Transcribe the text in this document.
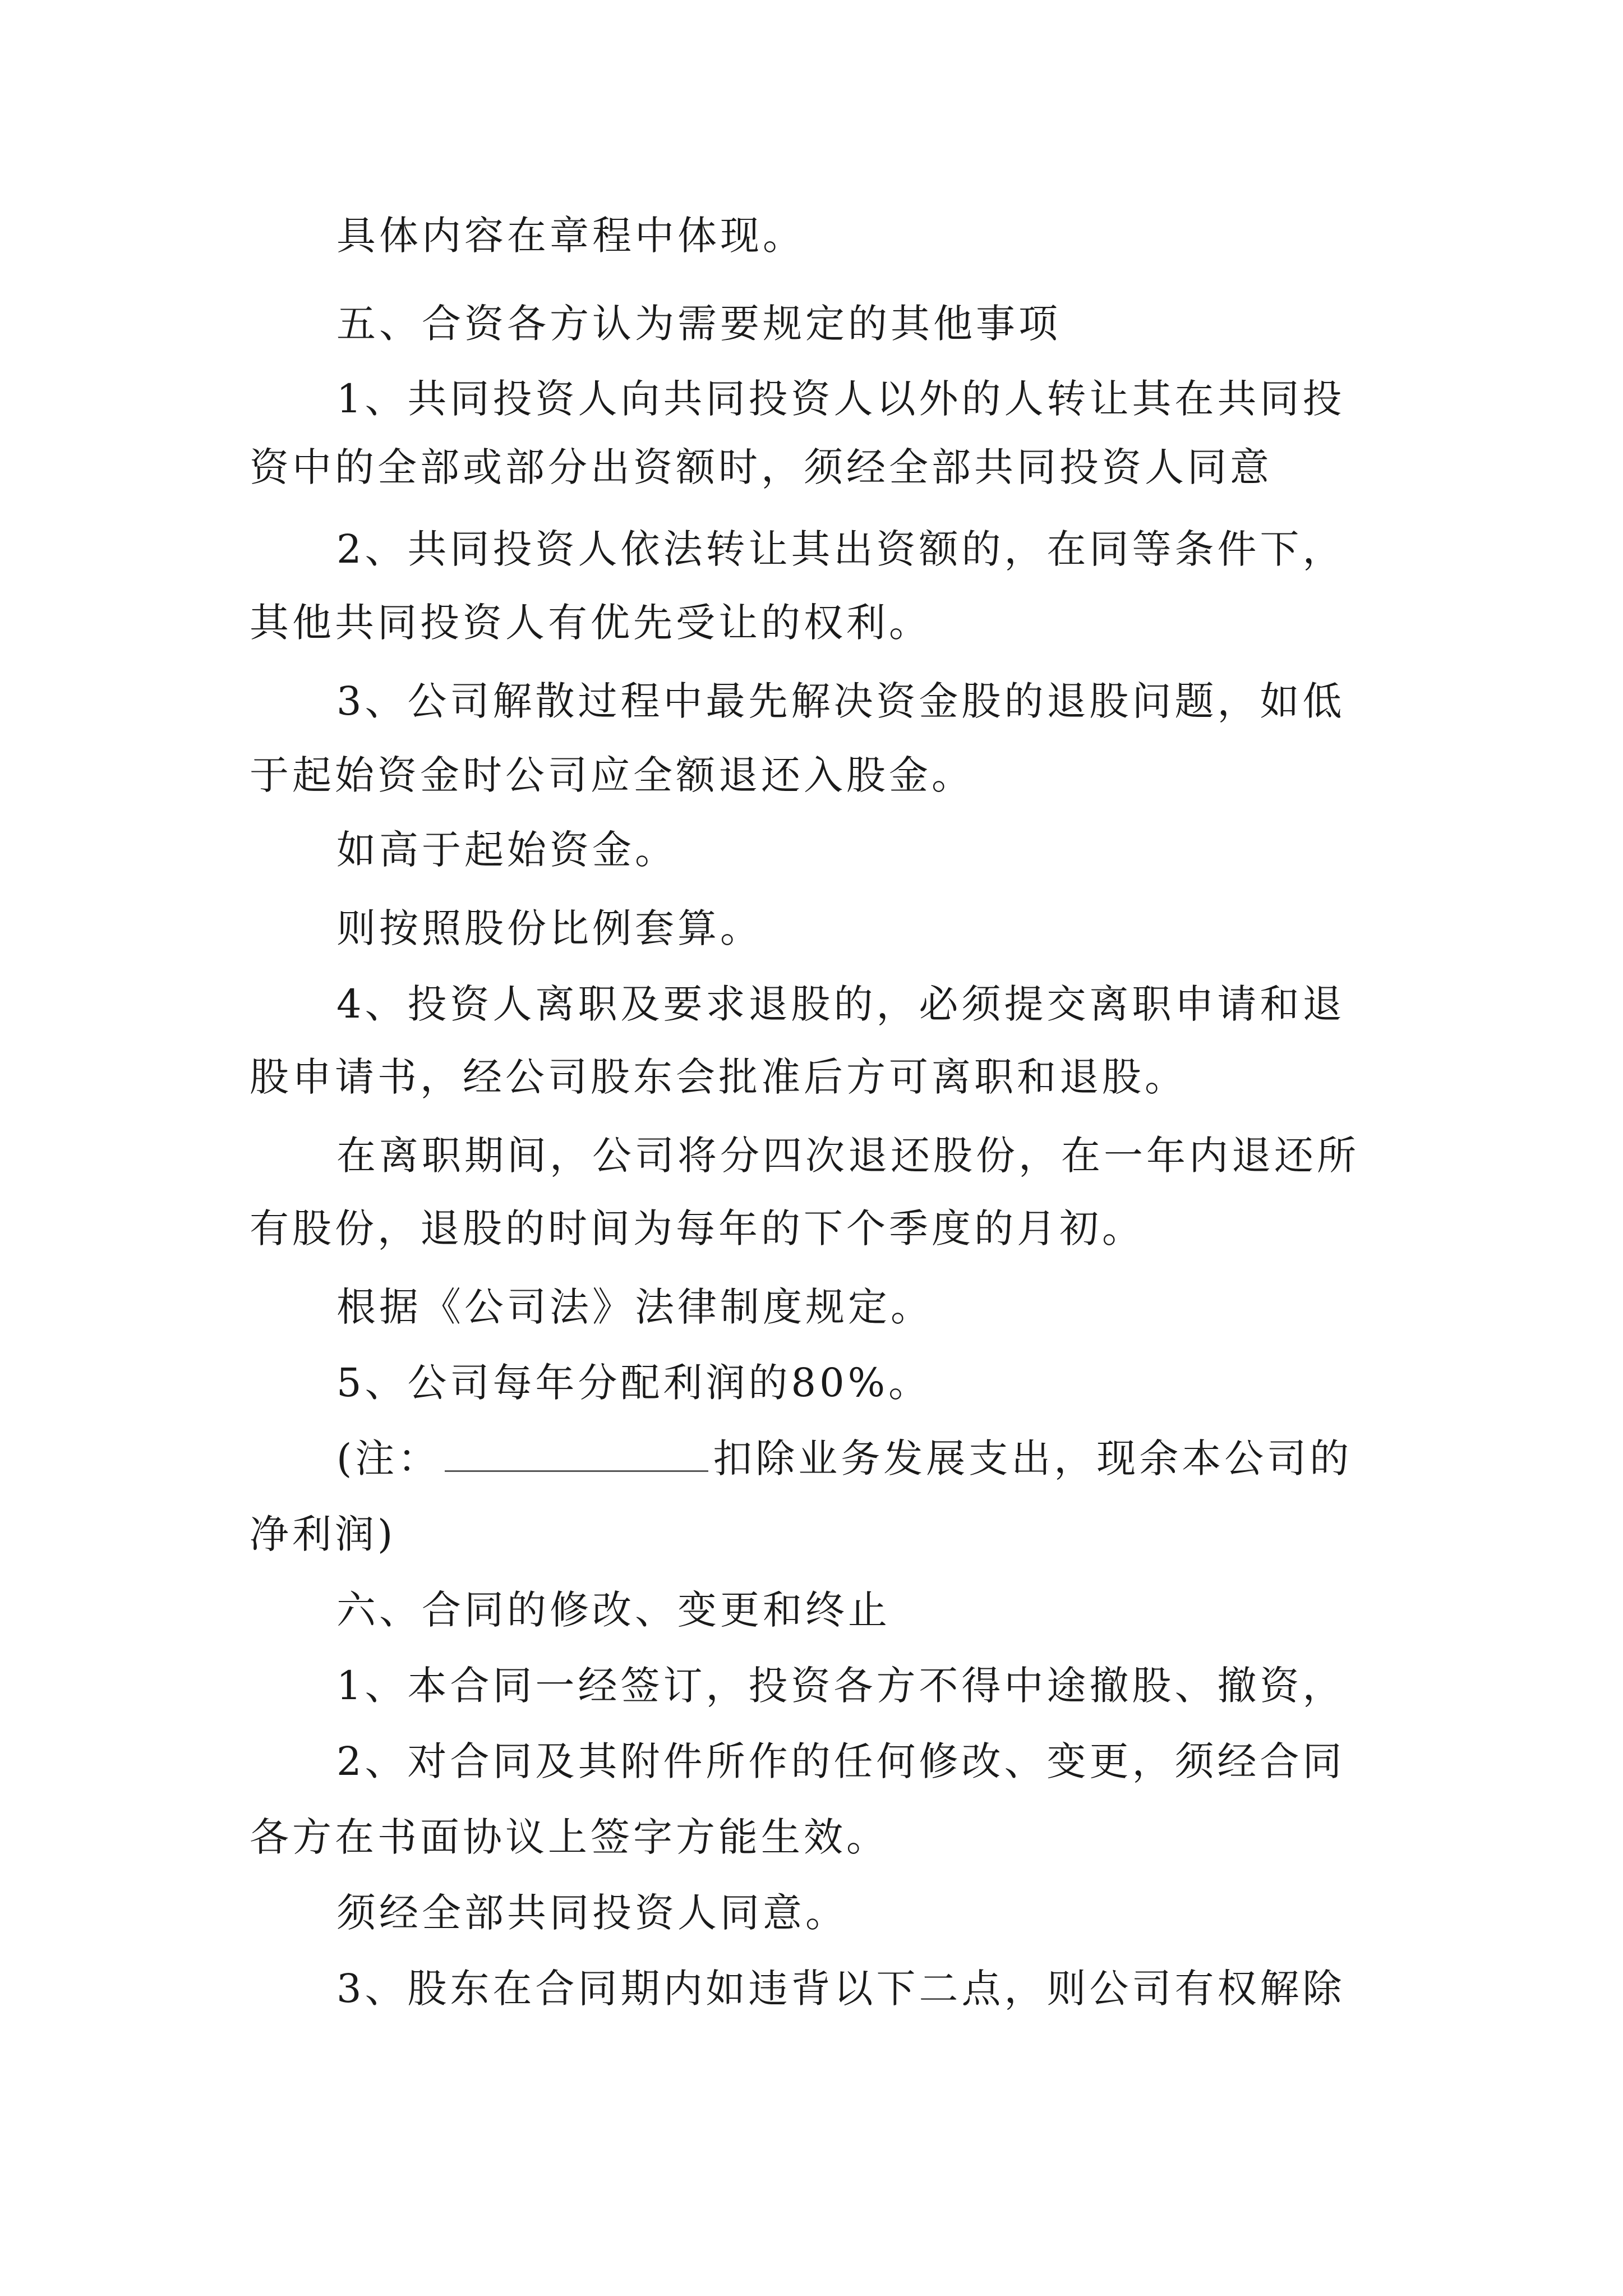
具体内容在章程中体现。
五、合资各方认为需要规定的其他事项
1、共同投资人向共同投资人以外的人转让其在共同投
资中的全部或部分出资额时，须经全部共同投资人同意
2、共同投资人依法转让其出资额的，在同等条件下，
其他共同投资人有优先受让的权利。
3、公司解散过程中最先解决资金股的退股问题，如低
于起始资金时公司应全额退还入股金。
如高于起始资金。
则按照股份比例套算。
4、投资人离职及要求退股的，必须提交离职申请和退
股申请书，经公司股东会批准后方可离职和退股。
在离职期间，公司将分四次退还股份，在一年内退还所
有股份，退股的时间为每年的下个季度的月初。
根据《公司法》法律制度规定。
5、公司每年分配利润的80%。
(注：	扣除业务发展支出，现余本公司的
净利润)
六、合同的修改、变更和终止
1、本合同一经签订，投资各方不得中途撤股、撤资，
2、对合同及其附件所作的任何修改、变更，须经合同
各方在书面协议上签字方能生效。
须经全部共同投资人同意。
3、股东在合同期内如违背以下二点，则公司有权解除
